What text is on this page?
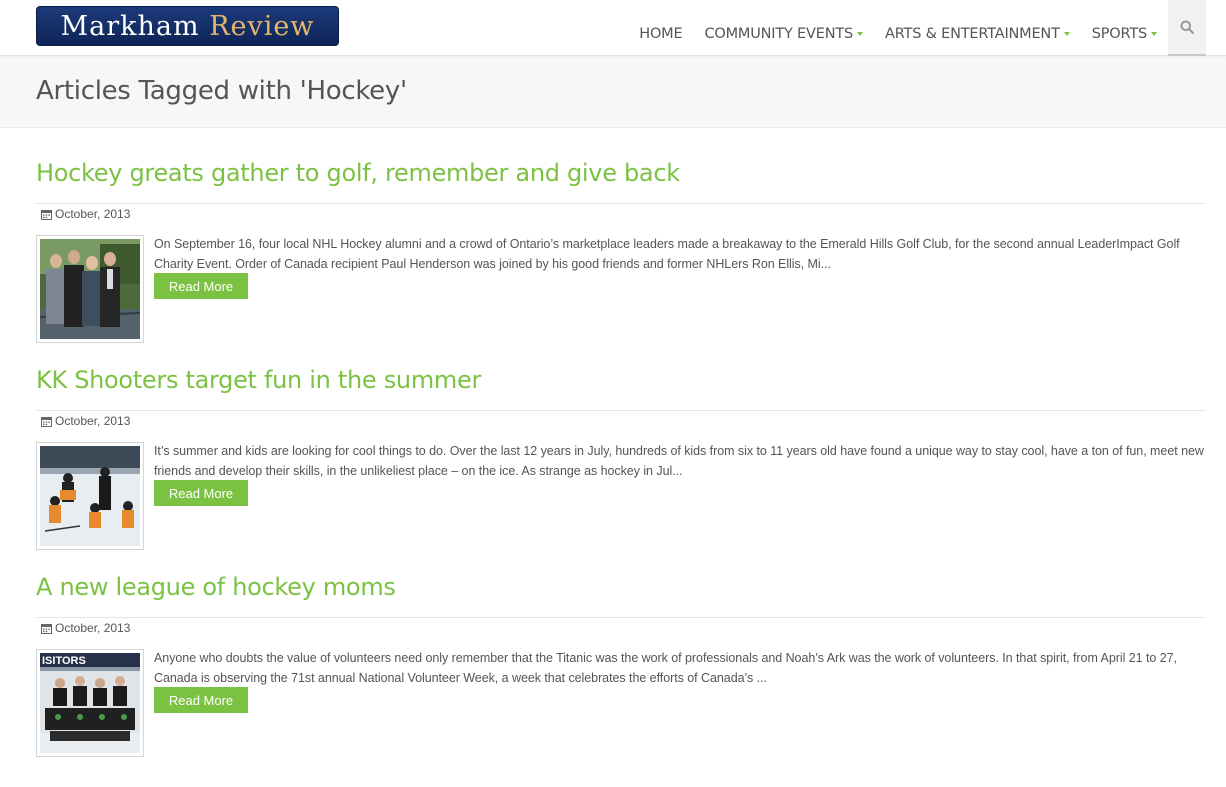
Markham Review	HOME COMMUNITY EVENTS ARTS & ENTERTAINMENT SPORTS
Articles Tagged with 'Hockey'
Hockey greats gather to golf, remember and give back
October, 2013
On September 16, four local NHL Hockey alumni and a crowd of Ontario’s marketplace leaders made a breakaway to the Emerald Hills Golf Club, for the second annual LeaderImpact Golf Charity Event. Order of Canada recipient Paul Henderson was joined by his good friends and former NHLers Ron Ellis, Mi...
Read More
KK Shooters target fun in the summer
October, 2013
It’s summer and kids are looking for cool things to do. Over the last 12 years in July, hundreds of kids from six to 11 years old have found a unique way to stay cool, have a ton of fun, meet new friends and develop their skills, in the unlikeliest place – on the ice. As strange as hockey in Jul...
Read More
A new league of hockey moms
October, 2013
ISITORS	Anyone who doubts the value of volunteers need only remember that the Titanic was the work of professionals and Noah’s Ark was the work of volunteers. In that spirit, from April 21 to 27, Canada is observing the 71st annual National Volunteer Week, a week that celebrates the efforts of Canada’s ...
Read More
